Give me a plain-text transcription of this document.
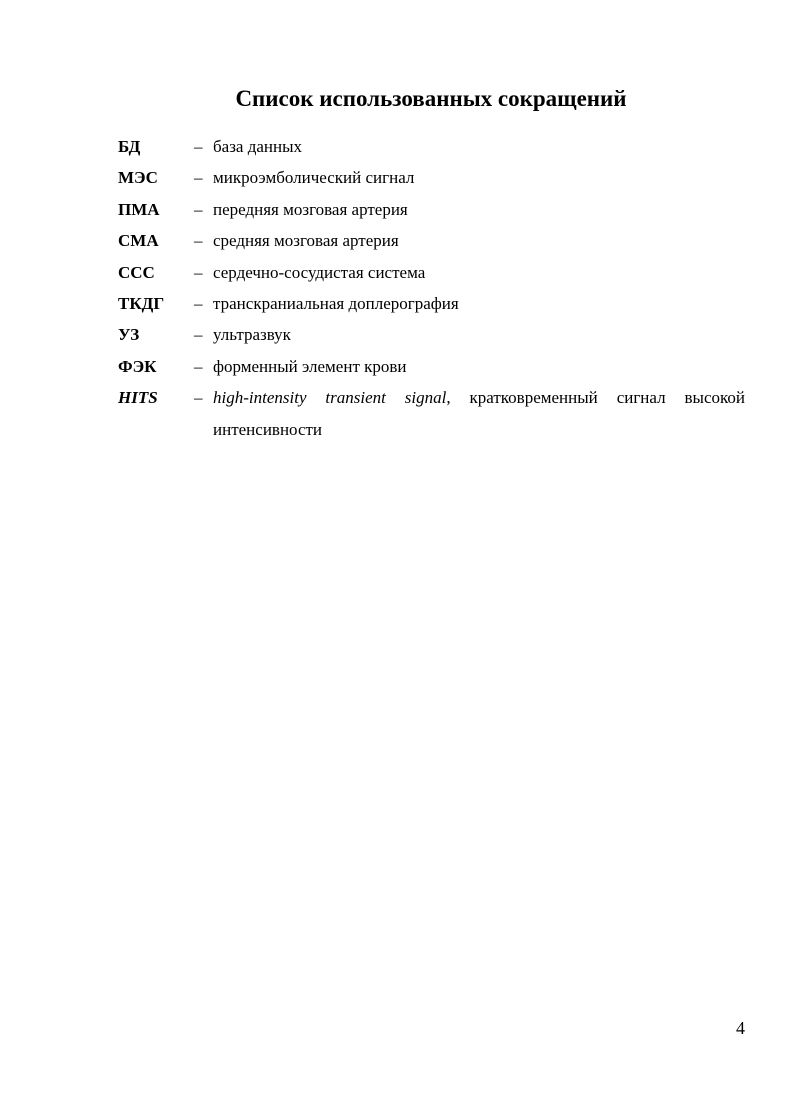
Список использованных сокращений
БД	– база данных
МЭС	– микроэмболический сигнал
ПМА	– передняя мозговая артерия
СМА	– средняя мозговая артерия
ССС	– сердечно-сосудистая система
ТКДГ	– транскраниальная доплерография
УЗ	– ультразвук
ФЭК	– форменный элемент крови
HITS	– high-intensity transient signal, кратковременный сигнал высокой интенсивности
4
